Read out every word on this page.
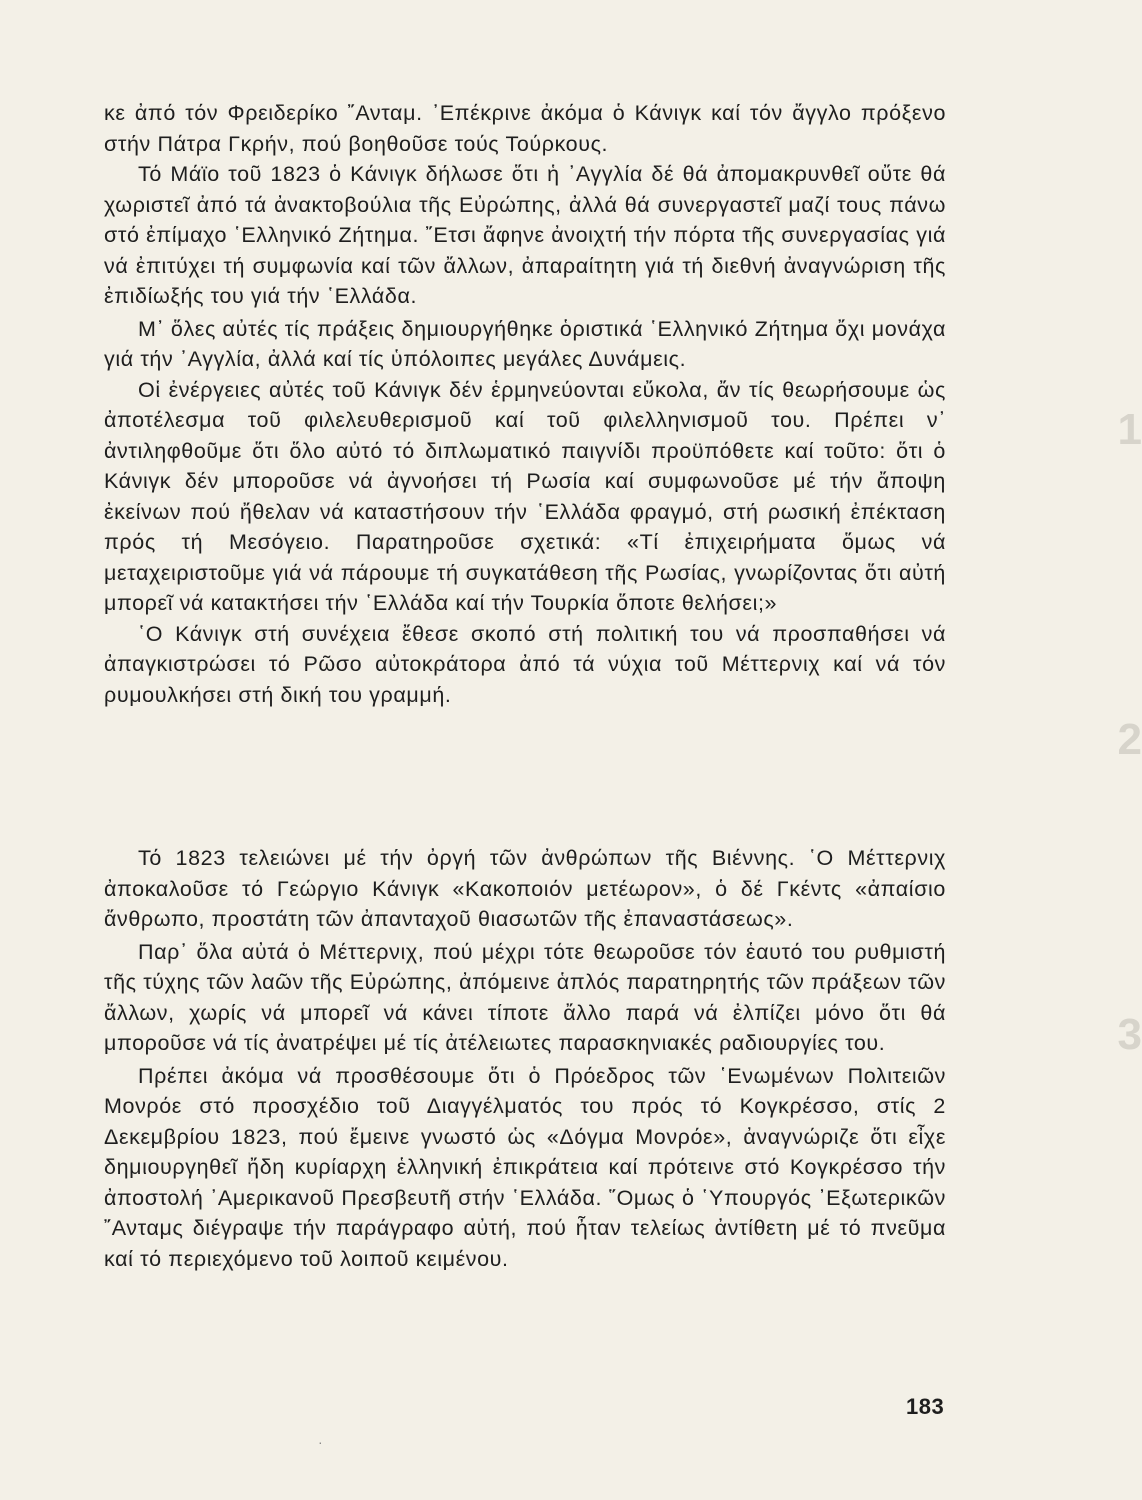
κε ἀπό τόν Φρειδερίκο ῎Ανταμ. ᾿Επέκρινε ἀκόμα ὁ Κάνιγκ καί τόν ἄγγλο πρόξενο στήν Πάτρα Γκρήν, πού βοηθοῦσε τούς Τούρκους.

Τό Μάϊο τοῦ 1823 ὁ Κάνιγκ δήλωσε ὅτι ἡ ᾿Αγγλία δέ θά ἀπομακρυνθεῖ οὔτε θά χωριστεῖ ἀπό τά ἀνακτοβούλια τῆς Εὐρώπης, ἀλλά θά συνεργαστεῖ μαζί τους πάνω στό ἐπίμαχο ῾Ελληνικό Ζήτημα. ῎Ετσι ἄφηνε ἀνοιχτή τήν πόρτα τῆς συνεργασίας γιά νά ἐπιτύχει τή συμφωνία καί τῶν ἄλλων, ἀπαραίτητη γιά τή διεθνή ἀναγνώριση τῆς ἐπιδίωξής του γιά τήν ῾Ελλάδα.

Μ᾿ ὅλες αὐτές τίς πράξεις δημιουργήθηκε ὁριστικά ῾Ελληνικό Ζήτημα ὄχι μονάχα γιά τήν ᾿Αγγλία, ἀλλά καί τίς ὑπόλοιπες μεγάλες Δυνάμεις.

Οἱ ἐνέργειες αὐτές τοῦ Κάνιγκ δέν ἑρμηνεύονται εὔκολα, ἄν τίς θεωρήσουμε ὡς ἀποτέλεσμα τοῦ φιλελευθερισμοῦ καί τοῦ φιλελληνισμοῦ του. Πρέπει ν᾿ ἀντιληφθοῦμε ὅτι ὅλο αὐτό τό διπλωματικό παιγνίδι προϋπόθετε καί τοῦτο: ὅτι ὁ Κάνιγκ δέν μποροῦσε νά ἀγνοήσει τή Ρωσία καί συμφωνοῦσε μέ τήν ἄποψη ἐκείνων πού ἤθελαν νά καταστήσουν τήν ῾Ελλάδα φραγμό, στή ρωσική ἐπέκταση πρός τή Μεσόγειο. Παρατηροῦσε σχετικά: «Τί ἐπιχειρήματα ὅμως νά μεταχειριστοῦμε γιά νά πάρουμε τή συγκατάθεση τῆς Ρωσίας, γνωρίζοντας ὅτι αὐτή μπορεῖ νά κατακτήσει τήν ῾Ελλάδα καί τήν Τουρκία ὅποτε θελήσει;»

῾Ο Κάνιγκ στή συνέχεια ἔθεσε σκοπό στή πολιτική του νά προσπαθήσει νά ἀπαγκιστρώσει τό Ρῶσο αὐτοκράτορα ἀπό τά νύχια τοῦ Μέττερνιχ καί νά τόν ρυμουλκήσει στή δική του γραμμή.

Τό 1823 τελειώνει μέ τήν ὀργή τῶν ἀνθρώπων τῆς Βιέννης. ῾Ο Μέττερνιχ ἀποκαλοῦσε τό Γεώργιο Κάνιγκ «Κακοποιόν μετέωρον», ὁ δέ Γκέντς «ἀπαίσιο ἄνθρωπο, προστάτη τῶν ἀπανταχοῦ θιασωτῶν τῆς ἐπαναστάσεως».

Παρ᾿ ὅλα αὐτά ὁ Μέττερνιχ, πού μέχρι τότε θεωροῦσε τόν ἑαυτό του ρυθμιστή τῆς τύχης τῶν λαῶν τῆς Εὐρώπης, ἀπόμεινε ἁπλός παρατηρητής τῶν πράξεων τῶν ἄλλων, χωρίς νά μπορεῖ νά κάνει τίποτε ἄλλο παρά νά ἐλπίζει μόνο ὅτι θά μποροῦσε νά τίς ἀνατρέψει μέ τίς ἀτέλειωτες παρασκηνιακές ραδιουργίες του.

Πρέπει ἀκόμα νά προσθέσουμε ὅτι ὁ Πρόεδρος τῶν ῾Ενωμένων Πολιτειῶν Μονρόε στό προσχέδιο τοῦ Διαγγέλματός του πρός τό Κογκρέσσο, στίς 2 Δεκεμβρίου 1823, πού ἔμεινε γνωστό ὡς «Δόγμα Μονρόε», ἀναγνώριζε ὅτι εἶχε δημιουργηθεῖ ἤδη κυρίαρχη ἑλληνική ἐπικράτεια καί πρότεινε στό Κογκρέσσο τήν ἀποστολή ᾿Αμερικανοῦ Πρεσβευτῆ στήν ῾Ελλάδα. ῞Ομως ὁ ῾Υπουργός ᾿Εξωτερικῶν ῎Ανταμς διέγραψε τήν παράγραφο αὐτή, πού ἦταν τελείως ἀντίθετη μέ τό πνεῦμα καί τό περιεχόμενο τοῦ λοιποῦ κειμένου.

183
1
2
3
·
